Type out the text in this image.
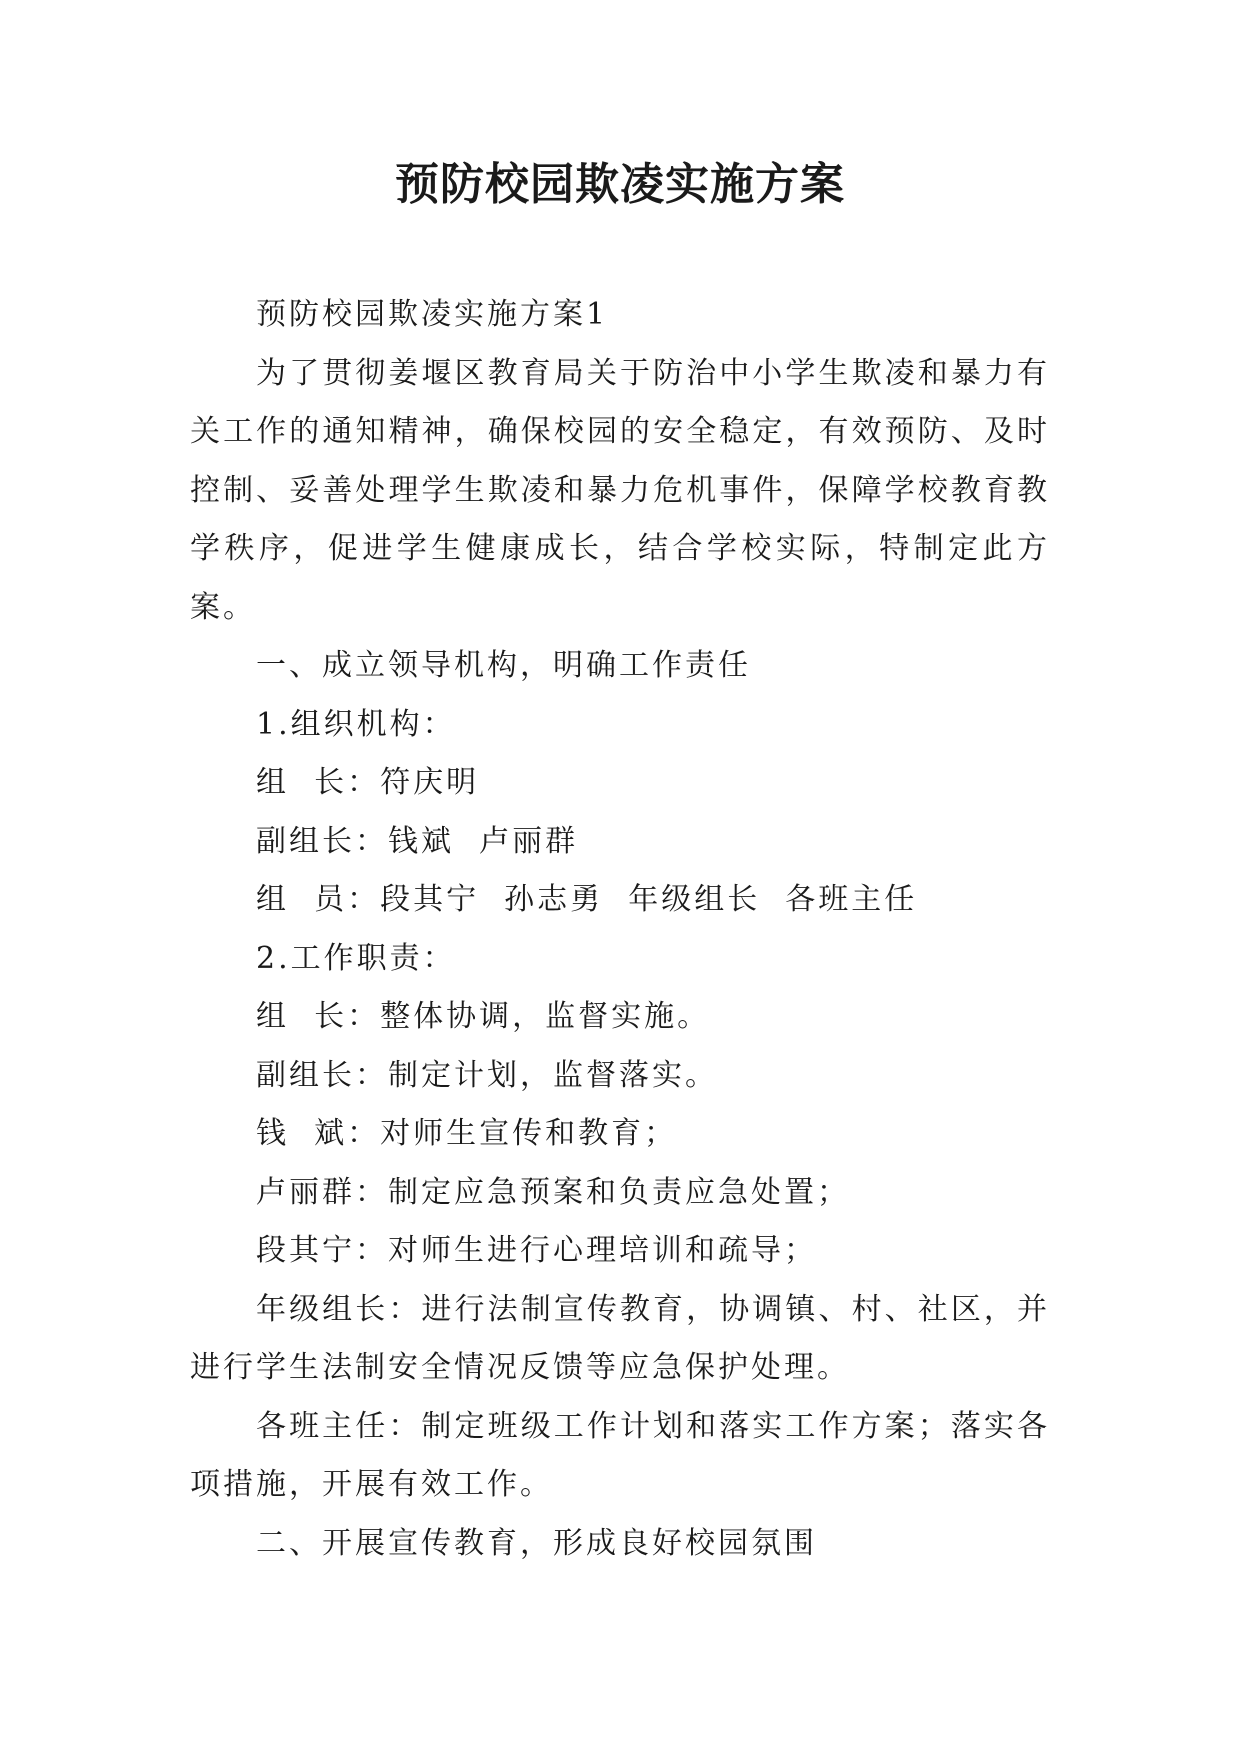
预防校园欺凌实施方案

预防校园欺凌实施方案1

为了贯彻姜堰区教育局关于防治中小学生欺凌和暴力有关工作的通知精神，确保校园的安全稳定，有效预防、及时控制、妥善处理学生欺凌和暴力危机事件，保障学校教育教学秩序，促进学生健康成长，结合学校实际，特制定此方案。

一、成立领导机构，明确工作责任

1.组织机构：

组  长：符庆明

副组长：钱斌  卢丽群

组  员：段其宁  孙志勇  年级组长  各班主任

2.工作职责：

组  长：整体协调，监督实施。

副组长：制定计划，监督落实。

钱  斌：对师生宣传和教育；

卢丽群：制定应急预案和负责应急处置；

段其宁：对师生进行心理培训和疏导；

年级组长：进行法制宣传教育，协调镇、村、社区，并进行学生法制安全情况反馈等应急保护处理。

各班主任：制定班级工作计划和落实工作方案；落实各项措施，开展有效工作。

二、开展宣传教育，形成良好校园氛围
